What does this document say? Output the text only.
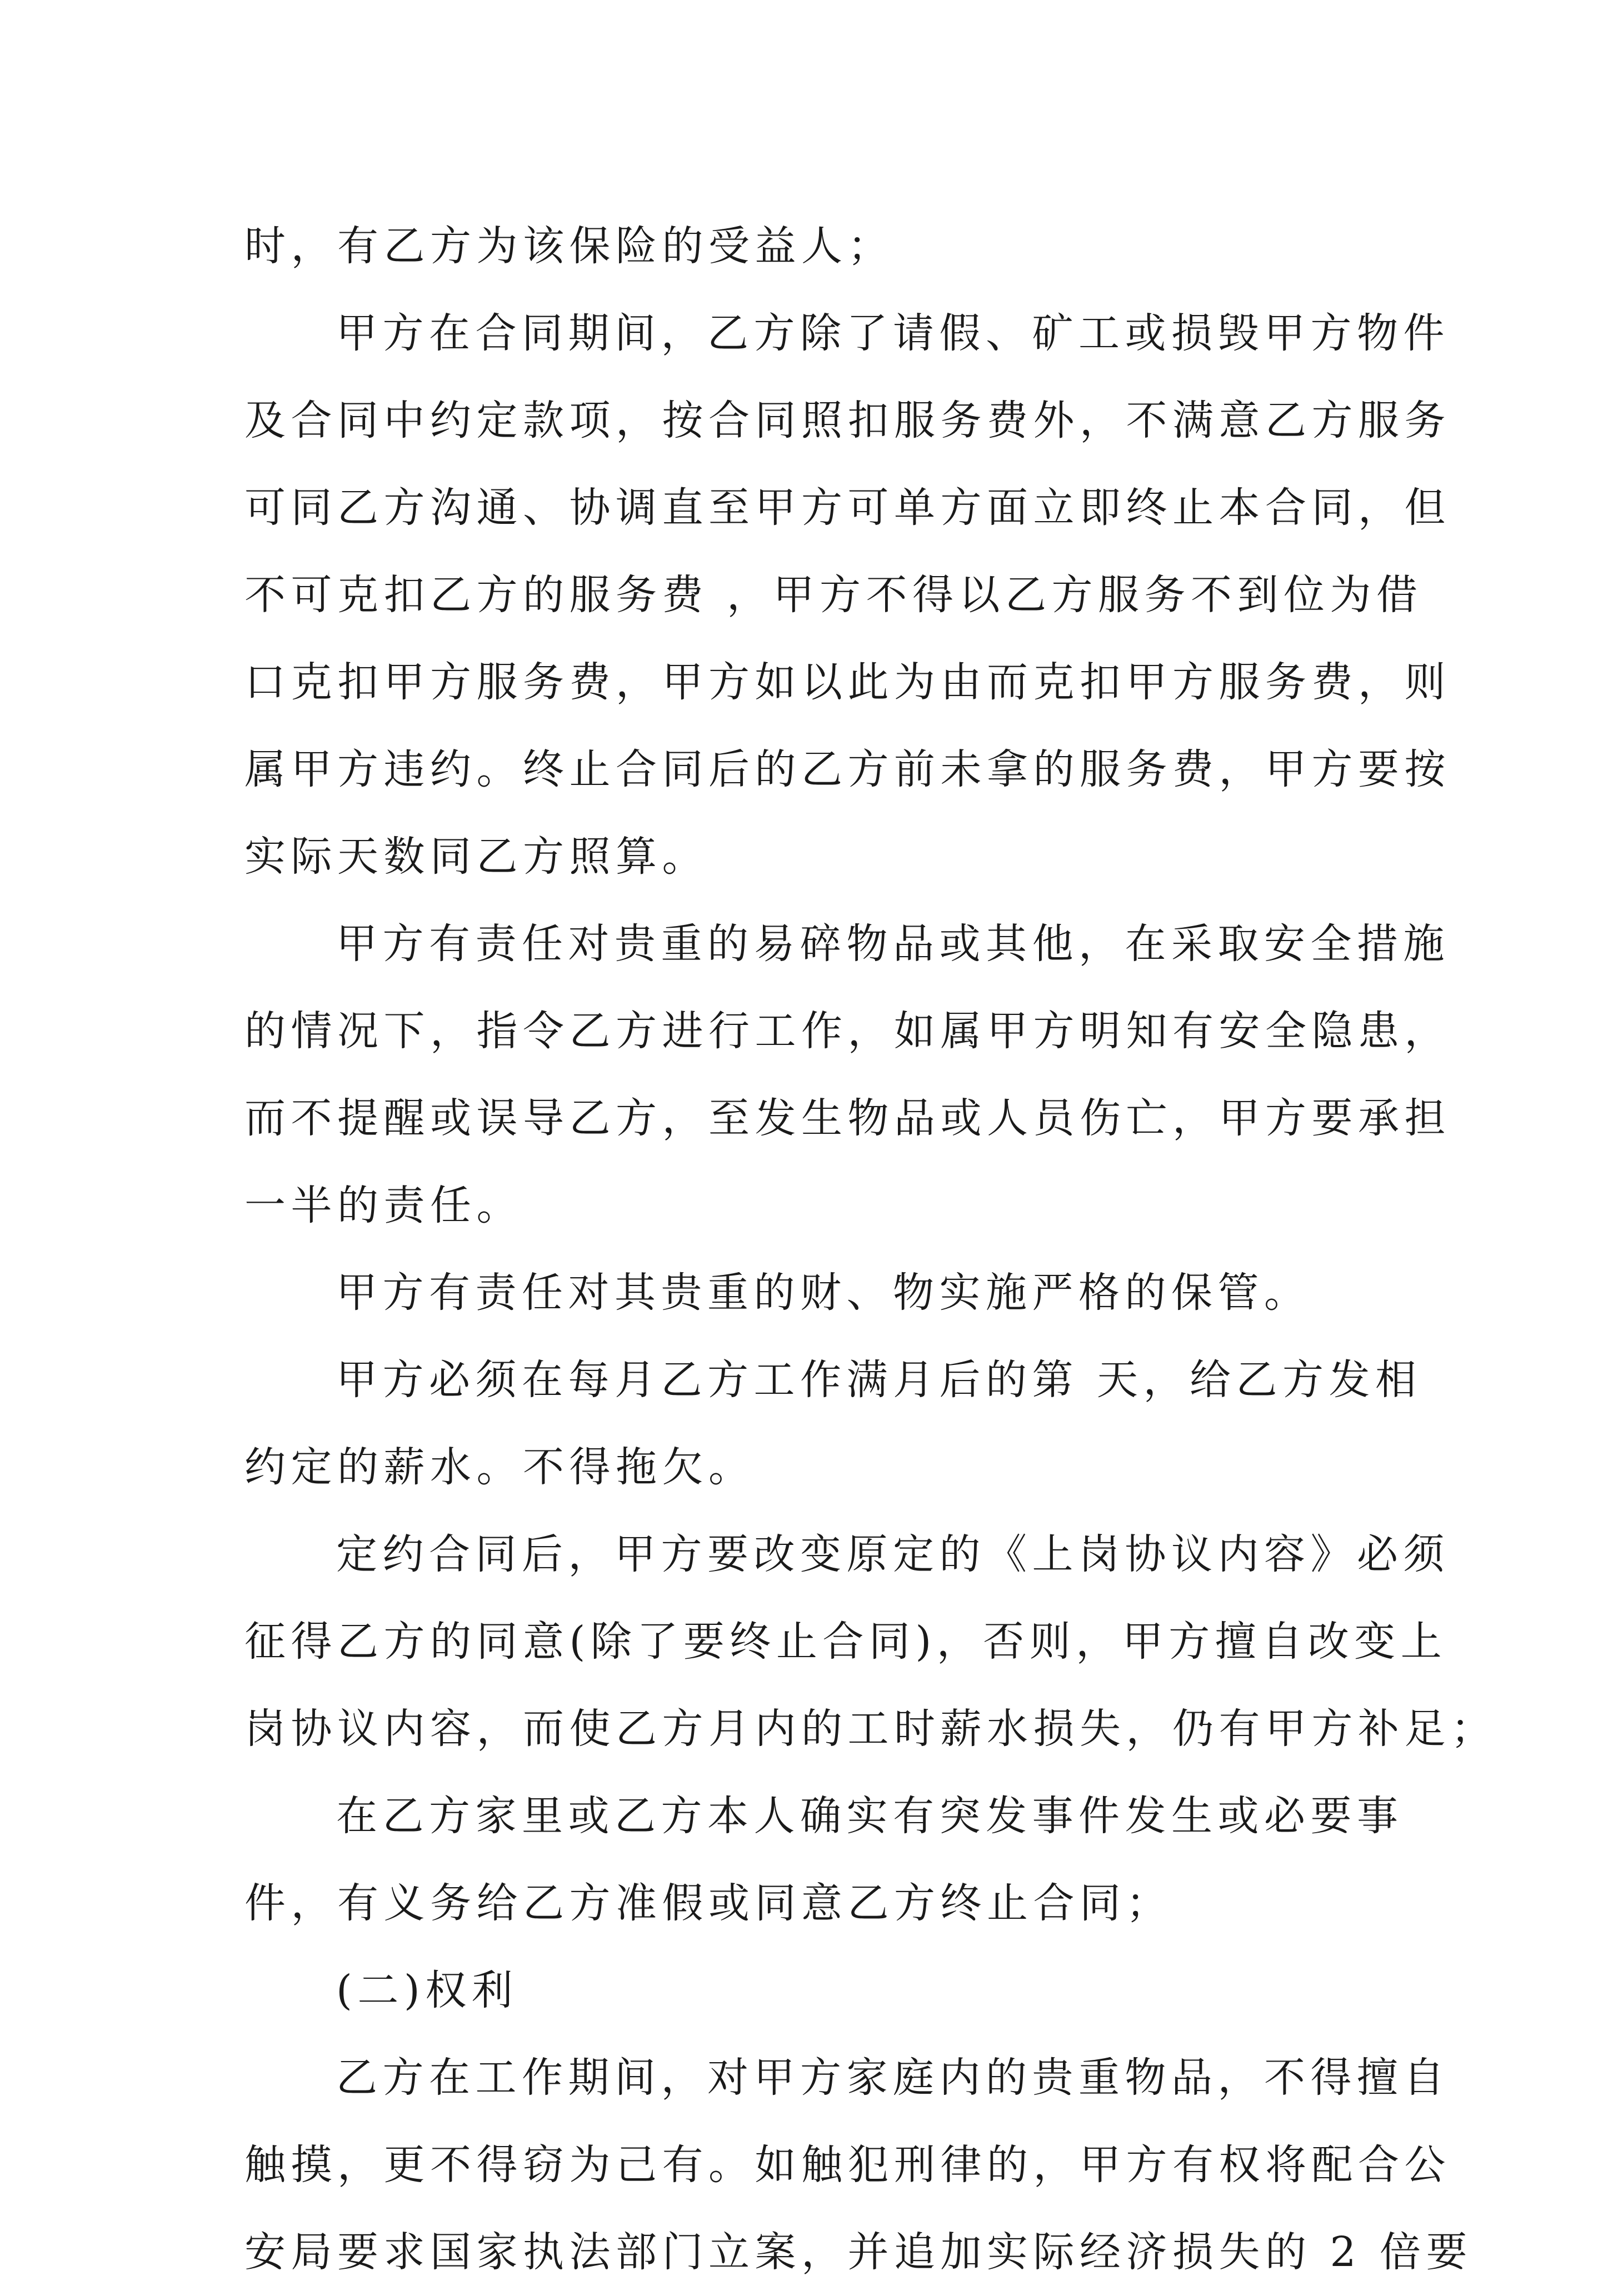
时，有乙方为该保险的受益人；
甲方在合同期间，乙方除了请假、矿工或损毁甲方物件
及合同中约定款项，按合同照扣服务费外，不满意乙方服务
可同乙方沟通、协调直至甲方可单方面立即终止本合同，但
不可克扣乙方的服务费 ，甲方不得以乙方服务不到位为借
口克扣甲方服务费，甲方如以此为由而克扣甲方服务费，则
属甲方违约。终止合同后的乙方前未拿的服务费，甲方要按
实际天数同乙方照算。
甲方有责任对贵重的易碎物品或其他，在采取安全措施
的情况下，指令乙方进行工作，如属甲方明知有安全隐患，
而不提醒或误导乙方，至发生物品或人员伤亡，甲方要承担
一半的责任。
甲方有责任对其贵重的财、物实施严格的保管。
甲方必须在每月乙方工作满月后的第 天，给乙方发相
约定的薪水。不得拖欠。
定约合同后，甲方要改变原定的《上岗协议内容》必须
征得乙方的同意(除了要终止合同)，否则，甲方擅自改变上
岗协议内容，而使乙方月内的工时薪水损失，仍有甲方补足；
在乙方家里或乙方本人确实有突发事件发生或必要事
件，有义务给乙方准假或同意乙方终止合同；
(二)权利
乙方在工作期间，对甲方家庭内的贵重物品，不得擅自
触摸，更不得窃为己有。如触犯刑律的，甲方有权将配合公
安局要求国家执法部门立案，并追加实际经济损失的 2 倍要
